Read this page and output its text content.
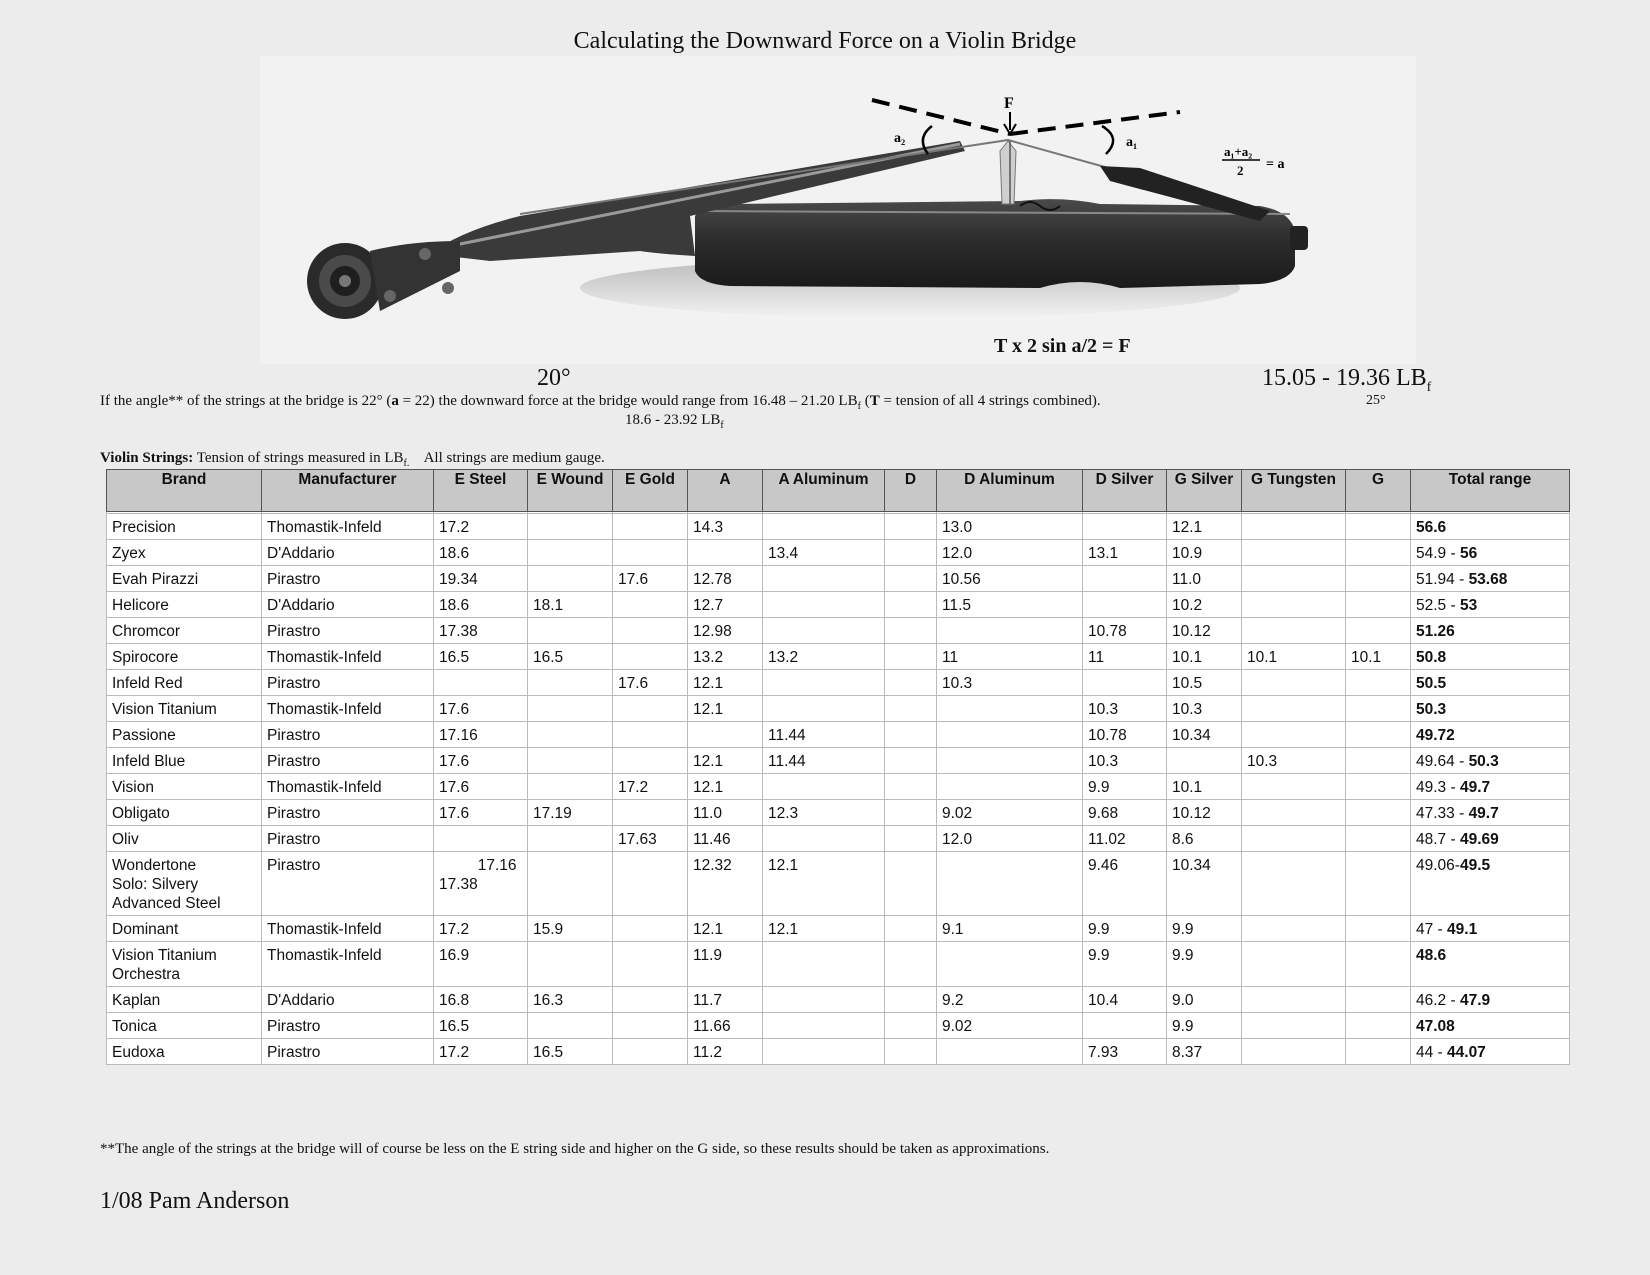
Calculating the Downward Force on a Violin Bridge
F
a₂	a₁
a₁+a₂
2 = a
T x 2 sin a/2 = F
20°	15.05 - 19.36 $LB_f$
If the angle** of the strings at the bridge is 22° (a = 22) the downward force at the bridge would range from 16.48 – 21.20 $LB_f$ (T = tension of all 4 strings combined).	25°
18.6 - 23.92 $LB_f$
Violin Strings: Tension of strings measured in $LB_{f.}$    All strings are medium gauge.
Brand	Manufacturer	E Steel	E Wound	E Gold	A	A Aluminum	D	D Aluminum	D Silver	G Silver	G Tungsten	G	Total range

Precision	Thomastik-Infeld	17.2			14.3			13.0		12.1			56.6
Zyex	D'Addario	18.6				13.4		12.0	13.1	10.9			54.9 - 56
Evah Pirazzi	Pirastro	19.34		17.6	12.78			10.56		11.0			51.94 - 53.68
Helicore	D'Addario	18.6	18.1		12.7			11.5		10.2			52.5 - 53
Chromcor	Pirastro	17.38			12.98				10.78	10.12			51.26
Spirocore	Thomastik-Infeld	16.5	16.5		13.2	13.2		11	11	10.1	10.1	10.1	50.8
Infeld Red	Pirastro			17.6	12.1			10.3		10.5			50.5
Vision Titanium	Thomastik-Infeld	17.6			12.1				10.3	10.3			50.3
Passione	Pirastro	17.16				11.44			10.78	10.34			49.72
Infeld Blue	Pirastro	17.6			12.1	11.44			10.3		10.3		49.64 - 50.3
Vision	Thomastik-Infeld	17.6		17.2	12.1				9.9	10.1			49.3 - 49.7
Obligato	Pirastro	17.6	17.19		11.0	12.3		9.02	9.68	10.12			47.33 - 49.7
Oliv	Pirastro			17.63	11.46			12.0	11.02	8.6			48.7 - 49.69
Wondertone
Solo: Silvery
Advanced Steel	Pirastro	17.16
17.38			12.32	12.1			9.46	10.34			49.06-49.5
Dominant	Thomastik-Infeld	17.2	15.9		12.1	12.1		9.1	9.9	9.9			47 - 49.1
Vision Titanium
Orchestra	Thomastik-Infeld	16.9			11.9				9.9	9.9			48.6
Kaplan	D'Addario	16.8	16.3		11.7			9.2	10.4	9.0			46.2 - 47.9
Tonica	Pirastro	16.5			11.66			9.02		9.9			47.08
Eudoxa	Pirastro	17.2	16.5		11.2				7.93	8.37			44 - 44.07
**The angle of the strings at the bridge will of course be less on the E string side and higher on the G side, so these results should be taken as approximations.
1/08 Pam Anderson
